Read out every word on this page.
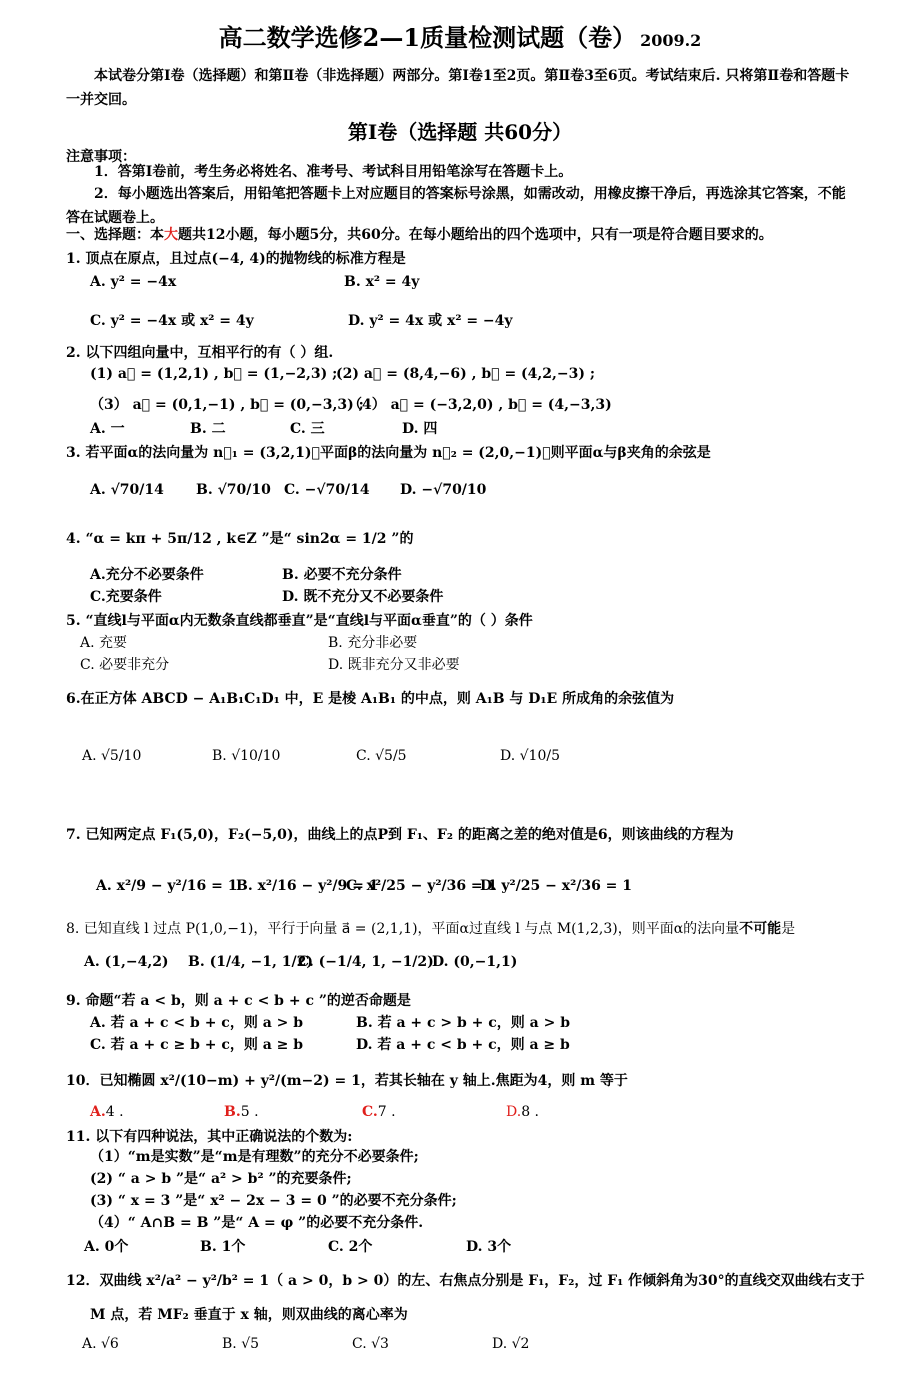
高二数学选修2—1质量检测试题（卷） 2009.2
本试卷分第Ⅰ卷（选择题）和第Ⅱ卷（非选择题）两部分。第Ⅰ卷1至2页。第Ⅱ卷3至6页。考试结束后. 只将第Ⅱ卷和答题卡一并交回。
第Ⅰ卷（选择题 共60分）
注意事项：
1．答第Ⅰ卷前，考生务必将姓名、准考号、考试科目用铅笔涂写在答题卡上。
2．每小题选出答案后，用铅笔把答题卡上对应题目的答案标号涂黑，如需改动，用橡皮擦干净后，再选涂其它答案，不能答在试题卷上。
一、选择题：本大题共12小题，每小题5分，共60分。在每小题给出的四个选项中，只有一项是符合题目要求的。
1. 顶点在原点，且过点(−4, 4)的抛物线的标准方程是
A. y² = −4x	B. x² = 4y
C. y² = −4x 或 x² = 4y	D. y² = 4x 或 x² = −4y
2. 以下四组向量中，互相平行的有（ ）组.
(1) a⃗ = (1,2,1) , b⃗ = (1,−2,3) ;
(2) a⃗ = (8,4,−6) , b⃗ = (4,2,−3) ;
（3） a⃗ = (0,1,−1) , b⃗ = (0,−3,3) ;
（4） a⃗ = (−3,2,0) , b⃗ = (4,−3,3)
A. 一	B. 二	C. 三	D. 四
3. 若平面α的法向量为 n⃗₁ = (3,2,1)，平面β的法向量为 n⃗₂ = (2,0,−1)，则平面α与β夹角的余弦是
A. √70/14 B. √70/10 C. −√70/14 D. −√70/10
4. “α = kπ + 5π/12 , k∈Z ”是“ sin2α = 1/2 ”的
A.充分不必要条件	B. 必要不充分条件
C.充要条件	D. 既不充分又不必要条件
5. “直线l与平面α内无数条直线都垂直”是“直线l与平面α垂直”的（ ）条件
A. 充要	B. 充分非必要
C. 必要非充分	D. 既非充分又非必要
6.在正方体 ABCD − A₁B₁C₁D₁ 中，E 是棱 A₁B₁ 的中点，则 A₁B 与 D₁E 所成角的余弦值为
A. √5/10	B. √10/10	C. √5/5	D. √10/5
7. 已知两定点 F₁(5,0)，F₂(−5,0)，曲线上的点P到 F₁、F₂ 的距离之差的绝对值是6，则该曲线的方程为
A. x²/9 − y²/16 = 1
B. x²/16 − y²/9 = 1
C. x²/25 − y²/36 = 1
D. y²/25 − x²/36 = 1
8. 已知直线 l 过点 P(1,0,−1)，平行于向量 a⃗ = (2,1,1)，平面α过直线 l 与点 M(1,2,3)，则平面α的法向量不可能是
A. (1,−4,2) B. (1/4, −1, 1/2)
C. (−1/4, 1, −1/2)
D. (0,−1,1)
9. 命题“若 a < b，则 a + c < b + c ”的逆否命题是
A. 若 a + c < b + c，则 a > b	B. 若 a + c > b + c，则 a > b
C. 若 a + c ≥ b + c，则 a ≥ b	D. 若 a + c < b + c，则 a ≥ b
10．已知椭圆 x²/(10−m) + y²/(m−2) = 1，若其长轴在 y 轴上.焦距为4，则 m 等于
A.4 .	B.5 .	C.7 .	D.8 .
11. 以下有四种说法，其中正确说法的个数为:
（1）“m是实数”是“m是有理数”的充分不必要条件;
(2) “ a > b ”是“ a² > b² ”的充要条件;
(3) “ x = 3 ”是“ x² − 2x − 3 = 0 ”的必要不充分条件;
（4）“ A∩B = B ”是“ A = φ ”的必要不充分条件.
A. 0个	B. 1个	C. 2个	D. 3个
12．双曲线 x²/a² − y²/b² = 1（ a > 0，b > 0）的左、右焦点分别是 F₁，F₂，过 F₁ 作倾斜角为30°的直线交双曲线右支于
M 点，若 MF₂ 垂直于 x 轴，则双曲线的离心率为
A. √6	B. √5	C. √3	D. √2
